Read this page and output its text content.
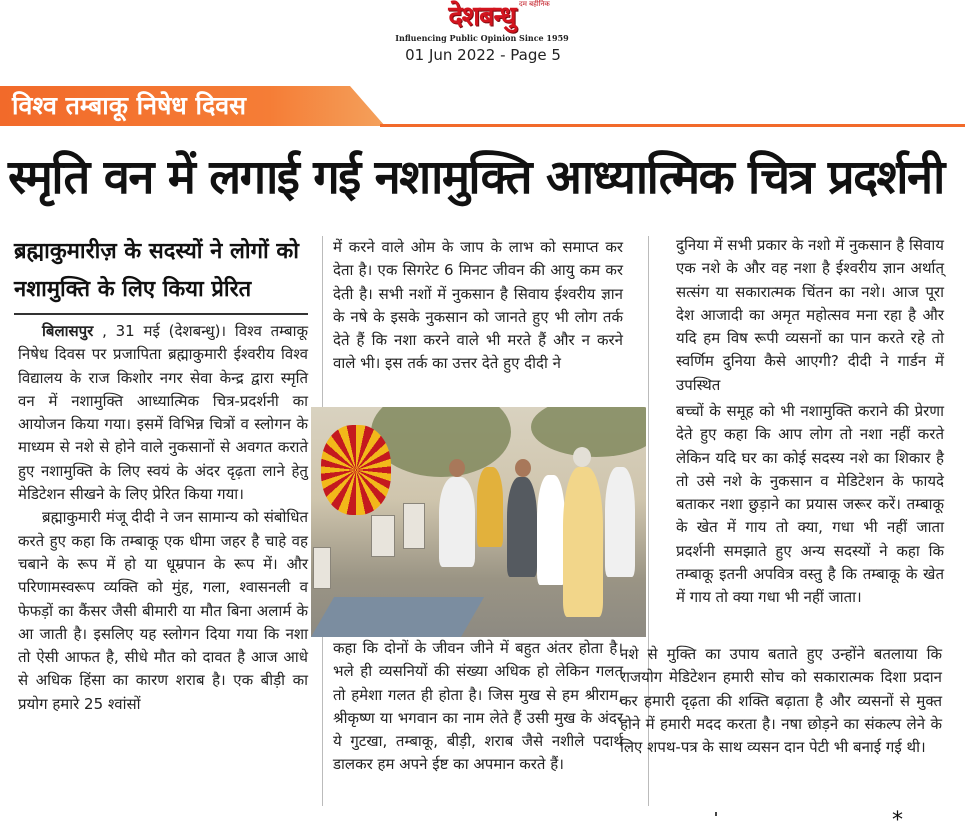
दम बहीनिक
देशबन्धु
Influencing Public Opinion Since 1959
01 Jun 2022 - Page 5
विश्व तम्बाकू निषेध दिवस
स्मृति वन में लगाई गई नशामुक्ति आध्यात्मिक चित्र प्रदर्शनी
ब्रह्माकुमारीज़ के सदस्यों ने लोगों को नशामुक्ति के लिए किया प्रेरित

बिलासपुर , 31 मई (देशबन्धु)। विश्व तम्बाकू निषेध दिवस पर प्रजापिता ब्रह्माकुमारी ईश्वरीय विश्व विद्यालय के राज किशोर नगर सेवा केन्द्र द्वारा स्मृति वन में नशामुक्ति आध्यात्मिक चित्र-प्रदर्शनी का आयोजन किया गया। इसमें विभिन्न चित्रों व स्लोगन के माध्यम से नशे से होने वाले नुकसानों से अवगत कराते हुए नशामुक्ति के लिए स्वयं के अंदर दृढ़ता लाने हेतु मेडिटेशन सीखने के लिए प्रेरित किया गया।

ब्रह्माकुमारी मंजू दीदी ने जन सामान्य को संबोधित करते हुए कहा कि तम्बाकू एक धीमा जहर है चाहे वह चबाने के रूप में हो या धूम्रपान के रूप में। और परिणामस्वरूप व्यक्ति को मुंह, गला, श्वासनली व फेफड़ों का कैंसर जैसी बीमारी या मौत बिना अलार्म के आ जाती है। इसलिए यह स्लोगन दिया गया कि नशा तो ऐसी आफत है, सीधे मौत को दावत है आज आधे से अधिक हिंसा का कारण शराब है। एक बीड़ी का प्रयोग हमारे 25 श्वांसों

में करने वाले ओम के जाप के लाभ को समाप्त कर देता है। एक सिगरेट 6 मिनट जीवन की आयु कम कर देती है। सभी नशों में नुकसान है सिवाय ईश्वरीय ज्ञान के नषे के इसके नुकसान को जानते हुए भी लोग तर्क देते हैं कि नशा करने वाले भी मरते हैं और न करने वाले भी। इस तर्क का उत्तर देते हुए दीदी ने
कहा कि दोनों के जीवन जीने में बहुत अंतर होता है। भले ही व्यसनियों की संख्या अधिक हो लेकिन गलत तो हमेशा गलत ही होता है। जिस मुख से हम श्रीराम, श्रीकृष्ण या भगवान का नाम लेते हैं उसी मुख के अंदर ये गुटखा, तम्बाकू, बीड़ी, शराब जैसे नशीले पदार्थ डालकर हम अपने ईष्ट का अपमान करते हैं।
दुनिया में सभी प्रकार के नशो में नुकसान है सिवाय एक नशे के और वह नशा है ईश्वरीय ज्ञान अर्थात् सत्संग या सकारात्मक चिंतन का नशे। आज पूरा देश आजादी का अमृत महोत्सव मना रहा है और यदि हम विष रूपी व्यसनों का पान करते रहे तो स्वर्णिम दुनिया कैसे आएगी? दीदी ने गार्डन में उपस्थित
बच्चों के समूह को भी नशामुक्ति कराने की प्रेरणा देते हुए कहा कि आप लोग तो नशा नहीं करते लेकिन यदि घर का कोई सदस्य नशे का शिकार है तो उसे नशे के नुकसान व मेडिटेशन के फायदे बताकर नशा छुड़ाने का प्रयास जरूर करें। तम्बाकू के खेत में गाय तो क्या, गधा भी नहीं जाता प्रदर्शनी समझाते हुए अन्य सदस्यों ने कहा कि तम्बाकू इतनी अपवित्र वस्तु है कि तम्बाकू के खेत में गाय तो क्या गधा भी नहीं जाता।
नशे से मुक्ति का उपाय बताते हुए उन्होंने बतलाया कि राजयोग मेडिटेशन हमारी सोच को सकारात्मक दिशा प्रदान कर हमारी दृढ़ता की शक्ति बढ़ाता है और व्यसनों से मुक्त होने में हमारी मदद करता है। नषा छोड़ने का संकल्प लेने के लिए शपथ-पत्र के साथ व्यसन दान पेटी भी बनाई गई थी।
*
